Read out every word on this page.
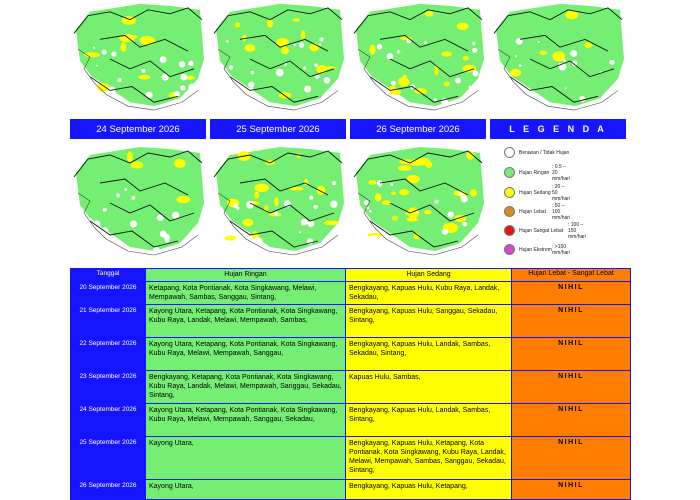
24 September 2026	25 September 2026	26 September 2026	L E G E N D A
Berawan / Tidak Hujan
Hujan Ringan
: 0.5 – 20 mm/hari
Hujan Sedang
: 20 – 50 mm/hari
Hujan Lebat
: 50 – 100 mm/hari
Hujan Sangat Lebat
: 100 – 150 mm/hari
Hujan Ekstrem : >150 mm/hari
Tanggal	Hujan Ringan	Hujan Sedang	Hujan Lebat - Sangat Lebat
20 September 2026	Ketapang, Kota Pontianak, Kota Singkawang, Melawi, Mempawah, Sambas, Sanggau, Sintang,	Bengkayang, Kapuas Hulu, Kubu Raya, Landak, Sekadau,	NIHIL
21 September 2026	Kayong Utara, Ketapang, Kota Pontianak, Kota Singkawang, Kubu Raya, Landak, Melawi, Mempawah, Sambas,	Bengkayang, Kapuas Hulu, Sanggau, Sekadau, Sintang,	NIHIL
22 September 2026	Kayong Utara, Ketapang, Kota Pontianak, Kota Singkawang, Kubu Raya, Melawi, Mempawah, Sanggau,	Bengkayang, Kapuas Hulu, Landak, Sambas, Sekadau, Sintang,	NIHIL
23 September 2026	Bengkayang, Ketapang, Kota Pontianak, Kota Singkawang, Kubu Raya, Landak, Melawi, Mempawah, Sanggau, Sekadau, Sintang,	Kapuas Hulu, Sambas,	NIHIL
24 September 2026	Kayong Utara, Ketapang, Kota Pontianak, Kota Singkawang, Kubu Raya, Melawi, Mempawah, Sanggau, Sekadau,	Bengkayang, Kapuas Hulu, Landak, Sambas, Sintang,	NIHIL
25 September 2026	Kayong Utara,	Bengkayang, Kapuas Hulu, Ketapang, Kota Pontianak, Kota Singkawang, Kubu Raya, Landak, Melawi, Mempawah, Sambas, Sanggau, Sekadau, Sintang,	NIHIL
26 September 2026	Kayong Utara,	Bengkayang, Kapuas Hulu, Ketapang,	NIHIL
